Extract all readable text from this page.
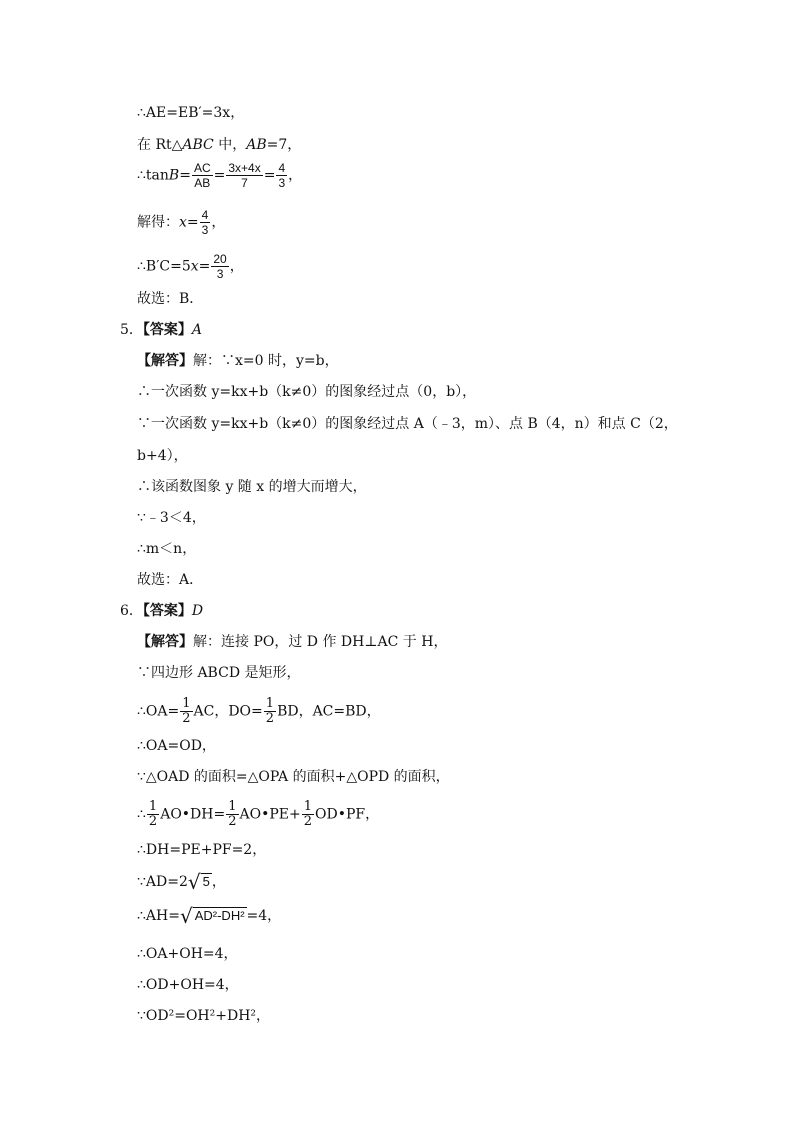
∴AE=EB′=3x，
在 Rt△ABC 中，AB=7，
∴tanB= $\frac{AC}{AB} = \frac{3x+4x}{7} = \frac{4}{3}$ ，
解得：$x= \frac{4}{3}$ ，
∴B′C=5x= $\frac{20}{3}$ ，
故选：B．
5．【答案】A
【解答】解：∵x=0 时，y=b，
∴一次函数 y=kx+b（k≠0）的图象经过点（0，b），
∵一次函数 y=kx+b（k≠0）的图象经过点 A（﹣3，m）、点 B（4，n）和点 C（2，
b+4），
∴该函数图象 y 随 x 的增大而增大，
∵﹣3＜4，
∴m＜n，
故选：A．
6．【答案】D
【解答】解：连接 PO，过 D 作 DH⊥AC 于 H，
∵四边形 ABCD 是矩形，
∴OA= $\frac{1}{2}$ AC，$DO= \frac{1}{2}$ BD，AC=BD，
∴OA=OD，
∵△OAD 的面积=△OPA 的面积+△OPD 的面积，
∴ $\frac{1}{2}$ AO•DH= $\frac{1}{2}$ AO•PE+ $\frac{1}{2}$ OD•PF，
∴DH=PE+PF=2，
∵AD=2√ 5 ，
∴AH=√ AD²-DH² =4，
∴OA+OH=4，
∴OD+OH=4，
∵OD²=OH²+DH²，
